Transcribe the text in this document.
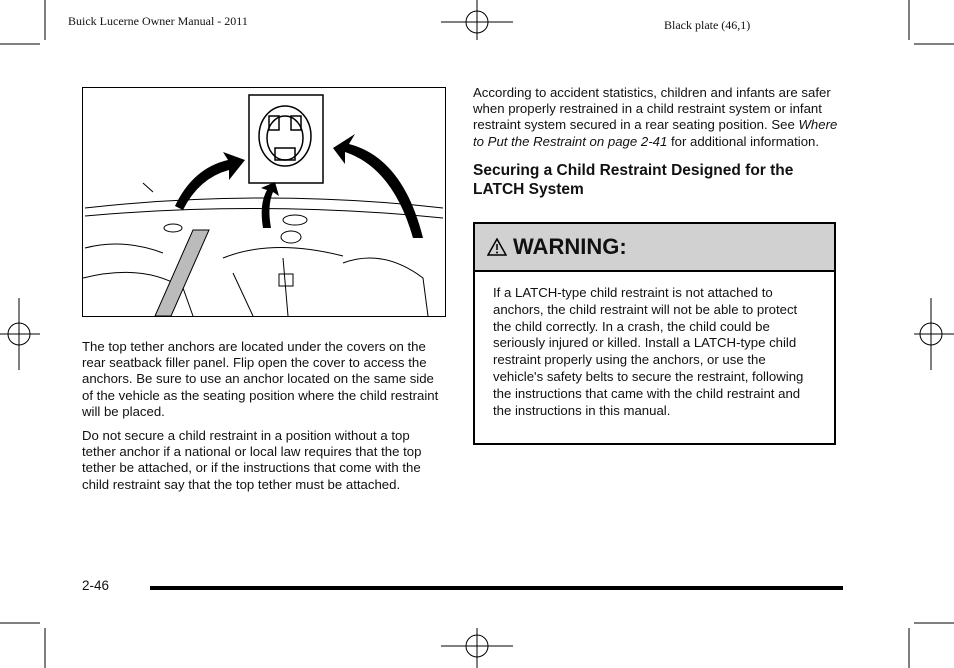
Buick Lucerne Owner Manual - 2011	Black plate (46,1)

The top tether anchors are located under the covers on the rear seatback filler panel. Flip open the cover to access the anchors. Be sure to use an anchor located on the same side of the vehicle as the seating position where the child restraint will be placed.

Do not secure a child restraint in a position without a top tether anchor if a national or local law requires that the top tether be attached, or if the instructions that come with the child restraint say that the top tether must be attached.

According to accident statistics, children and infants are safer when properly restrained in a child restraint system or infant restraint system secured in a rear seating position. See Where to Put the Restraint on page 2-41 for additional information.

Securing a Child Restraint Designed for the LATCH System
WARNING:
If a LATCH-type child restraint is not attached to anchors, the child restraint will not be able to protect the child correctly. In a crash, the child could be seriously injured or killed. Install a LATCH-type child restraint properly using the anchors, or use the vehicle's safety belts to secure the restraint, following the instructions that came with the child restraint and the instructions in this manual.
2-46
